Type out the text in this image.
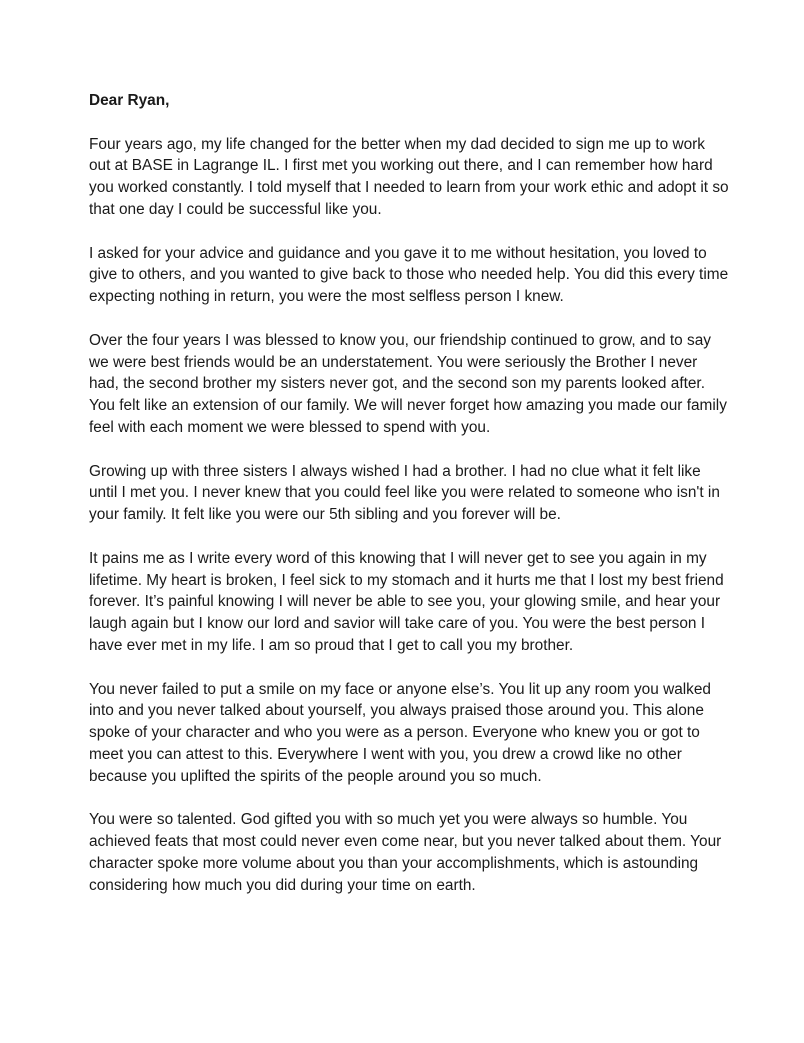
Dear Ryan,

Four years ago, my life changed for the better when my dad decided to sign me up to work out at BASE in Lagrange IL. I first met you working out there, and I can remember how hard you worked constantly. I told myself that I needed to learn from your work ethic and adopt it so that one day I could be successful like you.

I asked for your advice and guidance and you gave it to me without hesitation, you loved to give to others, and you wanted to give back to those who needed help. You did this every time expecting nothing in return, you were the most selfless person I knew.

Over the four years I was blessed to know you, our friendship continued to grow, and to say we were best friends would be an understatement. You were seriously the Brother I never had, the second brother my sisters never got, and the second son my parents looked after. You felt like an extension of our family. We will never forget how amazing you made our family feel with each moment we were blessed to spend with you.

Growing up with three sisters I always wished I had a brother. I had no clue what it felt like until I met you. I never knew that you could feel like you were related to someone who isn't in your family. It felt like you were our 5th sibling and you forever will be.

It pains me as I write every word of this knowing that I will never get to see you again in my lifetime. My heart is broken, I feel sick to my stomach and it hurts me that I lost my best friend forever. It’s painful knowing I will never be able to see you, your glowing smile, and hear your laugh again but I know our lord and savior will take care of you. You were the best person I have ever met in my life. I am so proud that I get to call you my brother.

You never failed to put a smile on my face or anyone else’s. You lit up any room you walked into and you never talked about yourself, you always praised those around you. This alone spoke of your character and who you were as a person. Everyone who knew you or got to meet you can attest to this. Everywhere I went with you, you drew a crowd like no other because you uplifted the spirits of the people around you so much.

You were so talented. God gifted you with so much yet you were always so humble. You achieved feats that most could never even come near, but you never talked about them. Your character spoke more volume about you than your accomplishments, which is astounding considering how much you did during your time on earth.
